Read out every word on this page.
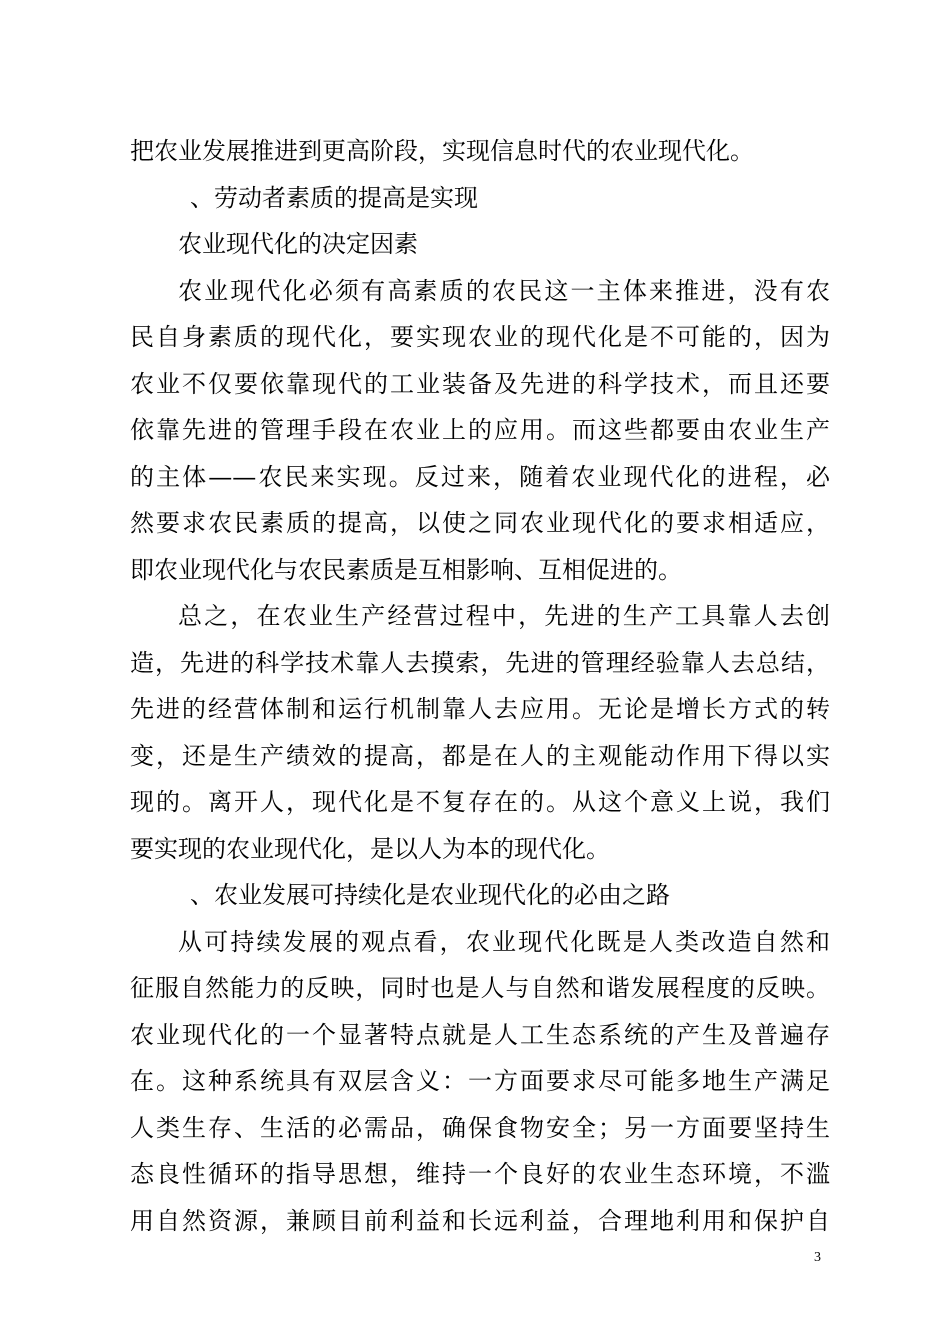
把农业发展推进到更高阶段，实现信息时代的农业现代化。
、劳动者素质的提高是实现
农业现代化的决定因素
农业现代化必须有高素质的农民这一主体来推进，没有农
民自身素质的现代化，要实现农业的现代化是不可能的，因为
农业不仅要依靠现代的工业装备及先进的科学技术，而且还要
依靠先进的管理手段在农业上的应用。而这些都要由农业生产
的主体——农民来实现。反过来，随着农业现代化的进程，必
然要求农民素质的提高，以使之同农业现代化的要求相适应，
即农业现代化与农民素质是互相影响、互相促进的。
总之，在农业生产经营过程中，先进的生产工具靠人去创
造，先进的科学技术靠人去摸索，先进的管理经验靠人去总结，
先进的经营体制和运行机制靠人去应用。无论是增长方式的转
变，还是生产绩效的提高，都是在人的主观能动作用下得以实
现的。离开人，现代化是不复存在的。从这个意义上说，我们
要实现的农业现代化，是以人为本的现代化。
、农业发展可持续化是农业现代化的必由之路
从可持续发展的观点看，农业现代化既是人类改造自然和
征服自然能力的反映，同时也是人与自然和谐发展程度的反映。
农业现代化的一个显著特点就是人工生态系统的产生及普遍存
在。这种系统具有双层含义：一方面要求尽可能多地生产满足
人类生存、生活的必需品，确保食物安全；另一方面要坚持生
态良性循环的指导思想，维持一个良好的农业生态环境，不滥
用自然资源，兼顾目前利益和长远利益，合理地利用和保护自
3
